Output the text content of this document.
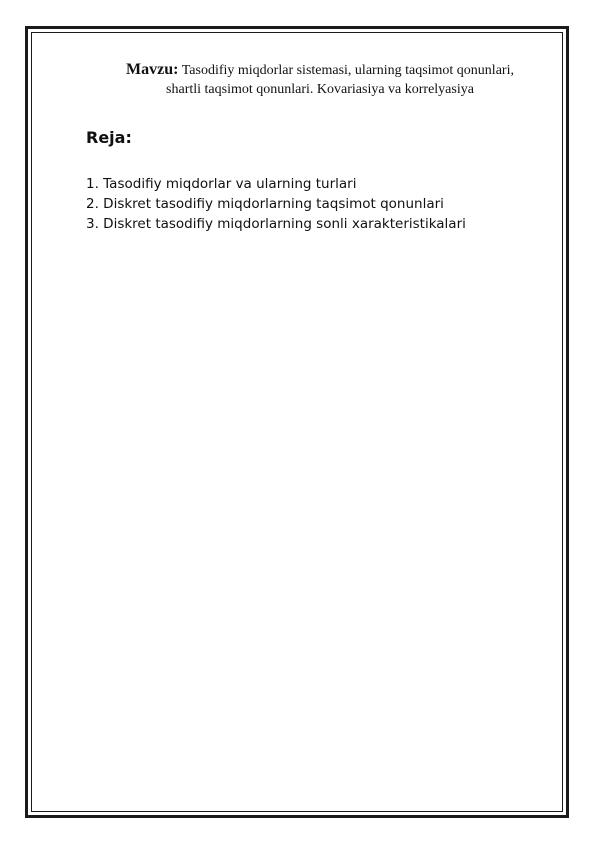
Mavzu: Tasodifiy miqdorlar sistemasi, ularning taqsimot qonunlari,
shartli taqsimot qonunlari. Kovariasiya va korrelyasiya
Reja:
1. Tasodifiy miqdorlar va ularning turlari
2. Diskret tasodifiy miqdorlarning taqsimot qonunlari
3. Diskret tasodifiy miqdorlarning sonli xarakteristikalari
